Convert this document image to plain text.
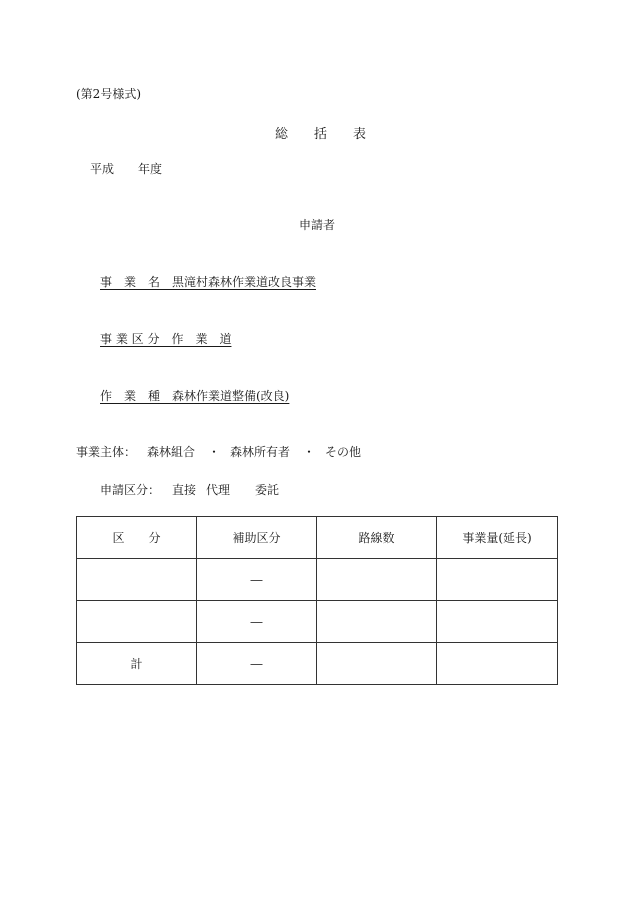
(第2号様式)
総　　括　　表
平成　　年度
申請者
事　業　名　黒滝村森林作業道改良事業
事 業 区 分　作　業　道
作　業　種　森林作業道整備(改良)
事業主体： 森林組合 ・ 森林所有者 ・ その他
申請区分： 直接 代理 委託
区　　分	補助区分	路線数	事業量(延長)
	―		
	―		
計	―		
